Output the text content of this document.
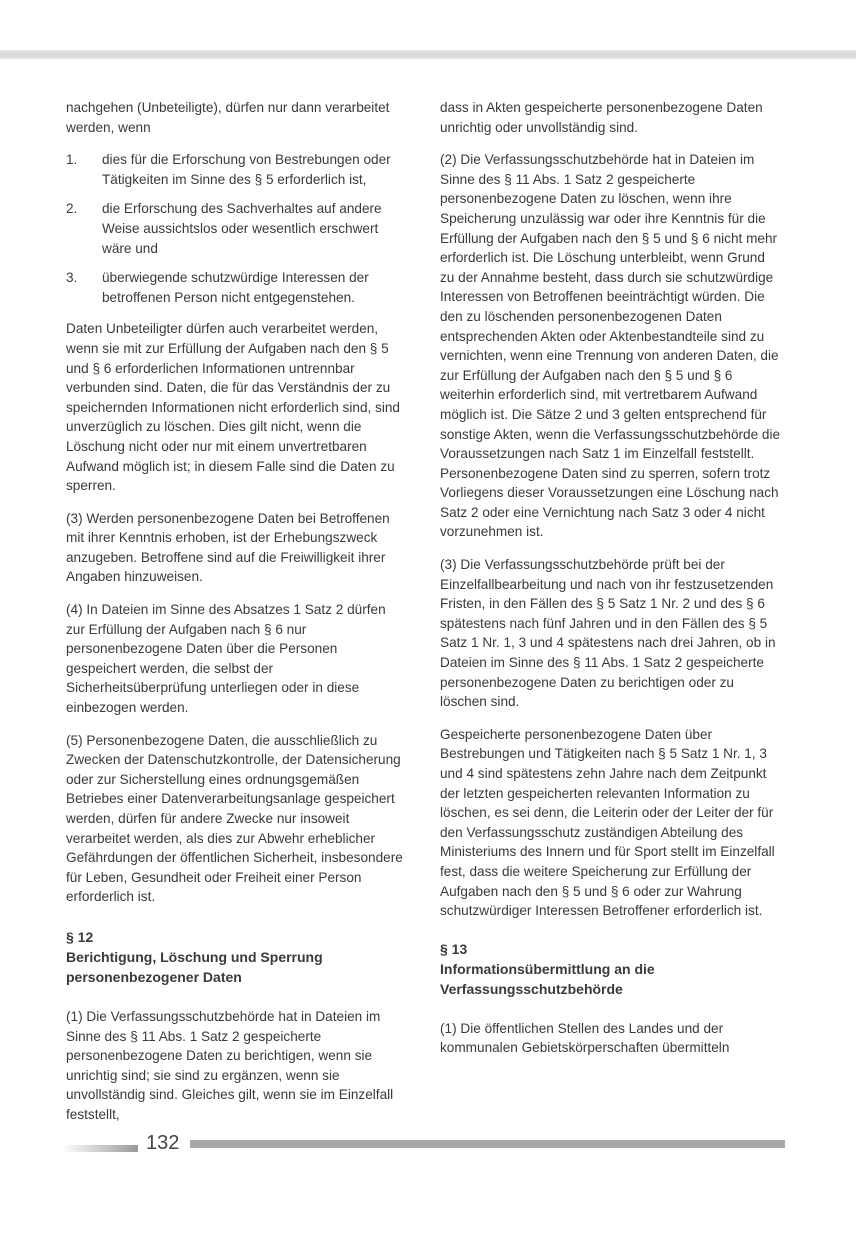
nachgehen (Unbeteiligte), dürfen nur dann verarbeitet werden, wenn

1.	dies für die Erforschung von Bestrebungen oder Tätigkeiten im Sinne des § 5 erforderlich ist,
2.	die Erforschung des Sachverhaltes auf andere Weise aussichtslos oder wesentlich erschwert wäre und
3.	überwiegende schutzwürdige Interessen der betroffenen Person nicht entgegenstehen.

Daten Unbeteiligter dürfen auch verarbeitet werden, wenn sie mit zur Erfüllung der Aufgaben nach den § 5 und § 6 erforderlichen Informationen untrennbar verbunden sind. Daten, die für das Verständnis der zu speichernden Informationen nicht erforderlich sind, sind unverzüglich zu löschen. Dies gilt nicht, wenn die Löschung nicht oder nur mit einem unvertretbaren Aufwand möglich ist; in diesem Falle sind die Daten zu sperren.

(3) Werden personenbezogene Daten bei Betroffenen mit ihrer Kenntnis erhoben, ist der Erhebungszweck anzugeben. Betroffene sind auf die Freiwilligkeit ihrer Angaben hinzuweisen.

(4) In Dateien im Sinne des Absatzes 1 Satz 2 dürfen zur Erfüllung der Aufgaben nach § 6 nur personenbezogene Daten über die Personen gespeichert werden, die selbst der Sicherheitsüberprüfung unterliegen oder in diese einbezogen werden.

(5) Personenbezogene Daten, die ausschließlich zu Zwecken der Datenschutzkontrolle, der Datensicherung oder zur Sicherstellung eines ordnungsgemäßen Betriebes einer Datenverarbeitungsanlage gespeichert werden, dürfen für andere Zwecke nur insoweit verarbeitet werden, als dies zur Abwehr erheblicher Gefährdungen der öffentlichen Sicherheit, insbesondere für Leben, Gesundheit oder Freiheit einer Person erforderlich ist.

§ 12
Berichtigung, Löschung und Sperrung personenbezogener Daten

(1) Die Verfassungsschutzbehörde hat in Dateien im Sinne des § 11 Abs. 1 Satz 2 gespeicherte personenbezogene Daten zu berichtigen, wenn sie unrichtig sind; sie sind zu ergänzen, wenn sie unvollständig sind. Gleiches gilt, wenn sie im Einzelfall feststellt,

dass in Akten gespeicherte personenbezogene Daten unrichtig oder unvollständig sind.

(2) Die Verfassungsschutzbehörde hat in Dateien im Sinne des § 11 Abs. 1 Satz 2 gespeicherte personenbezogene Daten zu löschen, wenn ihre Speicherung unzulässig war oder ihre Kenntnis für die Erfüllung der Aufgaben nach den § 5 und § 6 nicht mehr erforderlich ist. Die Löschung unterbleibt, wenn Grund zu der Annahme besteht, dass durch sie schutzwürdige Interessen von Betroffenen beeinträchtigt würden. Die den zu löschenden personenbezogenen Daten entsprechenden Akten oder Aktenbestandteile sind zu vernichten, wenn eine Trennung von anderen Daten, die zur Erfüllung der Aufgaben nach den § 5 und § 6 weiterhin erforderlich sind, mit vertretbarem Aufwand möglich ist. Die Sätze 2 und 3 gelten entsprechend für sonstige Akten, wenn die Verfassungsschutzbehörde die Voraussetzungen nach Satz 1 im Einzelfall feststellt. Personenbezogene Daten sind zu sperren, sofern trotz Vorliegens dieser Voraussetzungen eine Löschung nach Satz 2 oder eine Vernichtung nach Satz 3 oder 4 nicht vorzunehmen ist.

(3) Die Verfassungsschutzbehörde prüft bei der Einzelfallbearbeitung und nach von ihr festzusetzenden Fristen, in den Fällen des § 5 Satz 1 Nr. 2 und des § 6 spätestens nach fünf Jahren und in den Fällen des § 5 Satz 1 Nr. 1, 3 und 4 spätestens nach drei Jahren, ob in Dateien im Sinne des § 11 Abs. 1 Satz 2 gespeicherte personenbezogene Daten zu berichtigen oder zu löschen sind.

Gespeicherte personenbezogene Daten über Bestrebungen und Tätigkeiten nach § 5 Satz 1 Nr. 1, 3 und 4 sind spätestens zehn Jahre nach dem Zeitpunkt der letzten gespeicherten relevanten Information zu löschen, es sei denn, die Leiterin oder der Leiter der für den Verfassungsschutz zuständigen Abteilung des Ministeriums des Innern und für Sport stellt im Einzelfall fest, dass die weitere Speicherung zur Erfüllung der Aufgaben nach den § 5 und § 6 oder zur Wahrung schutzwürdiger Interessen Betroffener erforderlich ist.

§ 13
Informationsübermittlung an die Verfassungsschutzbehörde

(1) Die öffentlichen Stellen des Landes und der kommunalen Gebietskörperschaften übermitteln

132
